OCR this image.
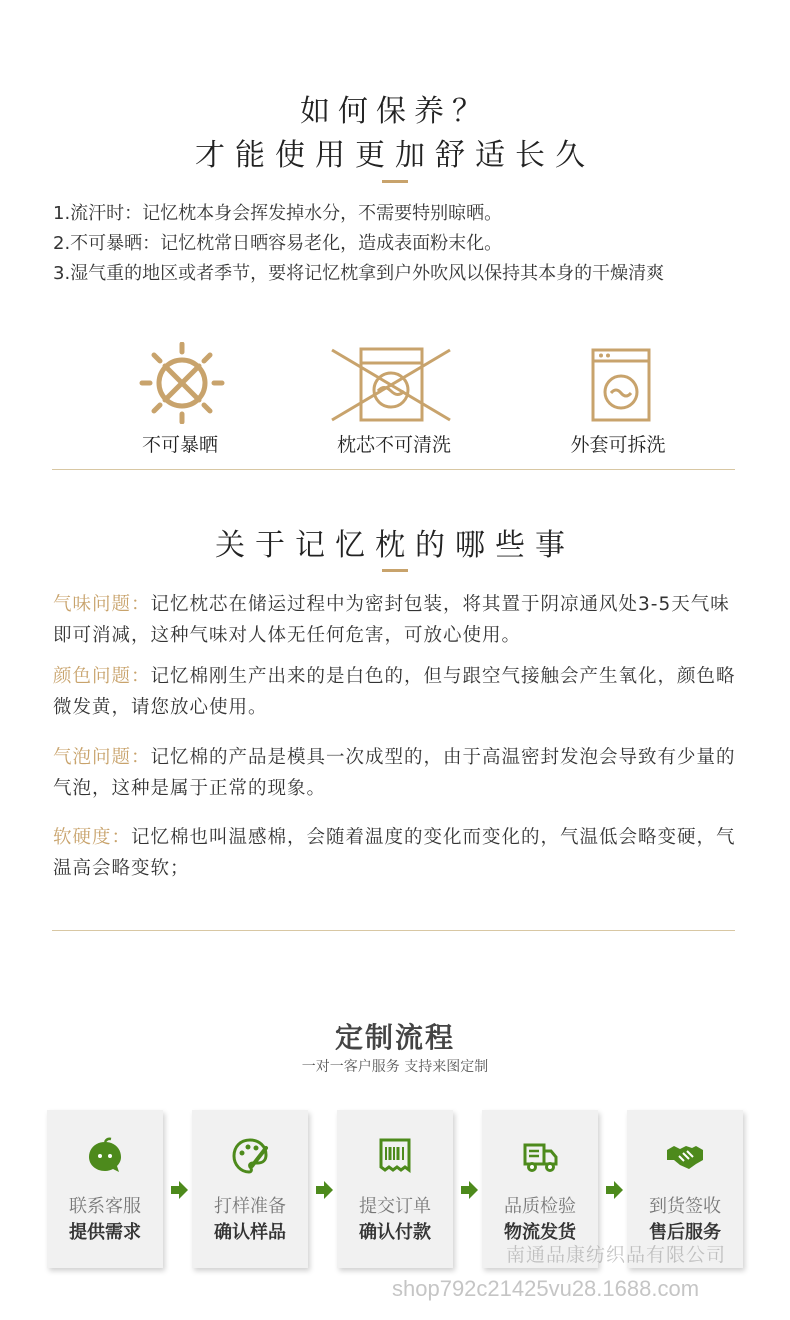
如何保养？
才能使用更加舒适长久
1.流汗时：记忆枕本身会挥发掉水分，不需要特别晾晒。
2.不可暴晒：记忆枕常日晒容易老化，造成表面粉末化。
3.湿气重的地区或者季节，要将记忆枕拿到户外吹风以保持其本身的干燥清爽
不可暴晒	枕芯不可清洗	外套可拆洗
关于记忆枕的哪些事
气味问题：记忆枕芯在储运过程中为密封包装，将其置于阴凉通风处3-5天气味即可消减，这种气味对人体无任何危害，可放心使用。
颜色问题：记忆棉刚生产出来的是白色的，但与跟空气接触会产生氧化，颜色略微发黄，请您放心使用。
气泡问题：记忆棉的产品是模具一次成型的，由于高温密封发泡会导致有少量的气泡，这种是属于正常的现象。
软硬度：记忆棉也叫温感棉，会随着温度的变化而变化的，气温低会略变硬，气温高会略变软；
定制流程
一对一客户服务 支持来图定制
联系客服
提供需求
打样准备
确认样品
提交订单
确认付款
品质检验
物流发货
到货签收
售后服务
南通品康纺织品有限公司
shop792c21425vu28.1688.com
